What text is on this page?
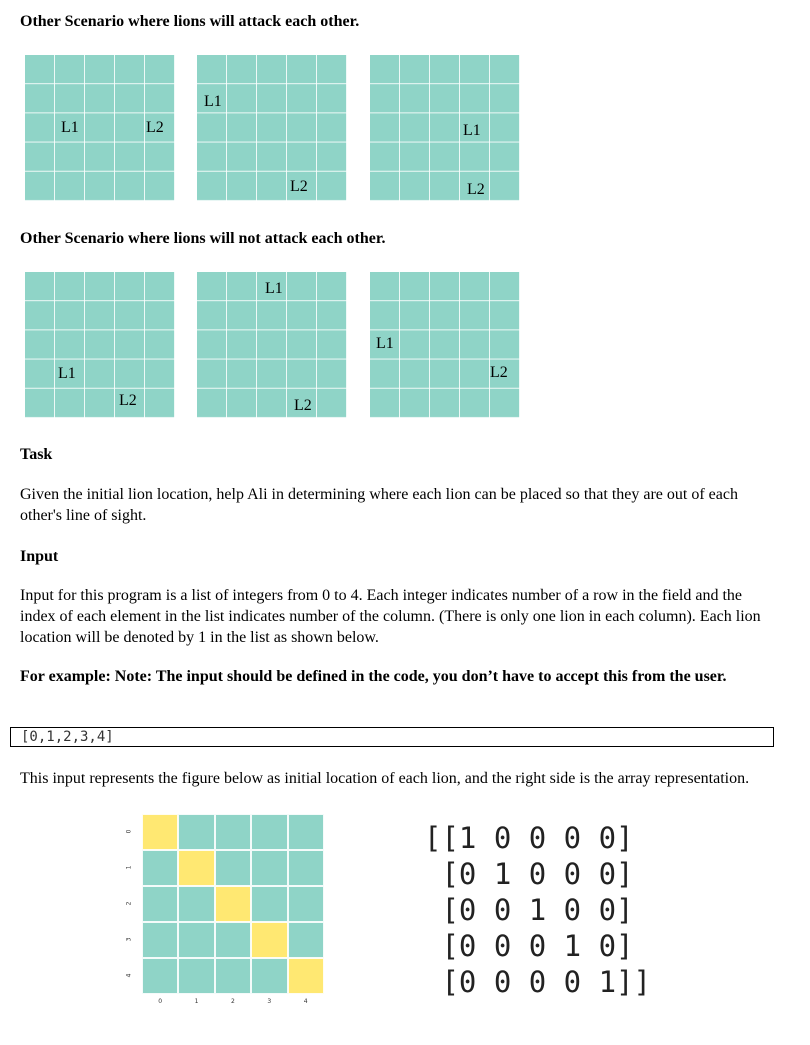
Other Scenario where lions will attack each other.
L1	L2
L1
L2
L1
L2
Other Scenario where lions will not attack each other.
L1
L2
L1
L2
L1
L2
Task
Given the initial lion location, help Ali in determining where each lion can be placed so that they are out of each other's line of sight.
Input
Input for this program is a list of integers from 0 to 4. Each integer indicates number of a row in the field and the index of each element in the list indicates number of the column. (There is only one lion in each column). Each lion location will be denoted by 1 in the list as shown below.
For example: Note: The input should be defined in the code, you don’t have to accept this from the user.
[0,1,2,3,4]
This input represents the figure below as initial location of each lion, and the right side is the array representation.
[[1 0 0 0 0]
[0 1 0 0 0]
[0 0 1 0 0]
[0 0 0 1 0]
[0 0 0 0 1]]
0
0
1
1
2
2
3
3
4
4
